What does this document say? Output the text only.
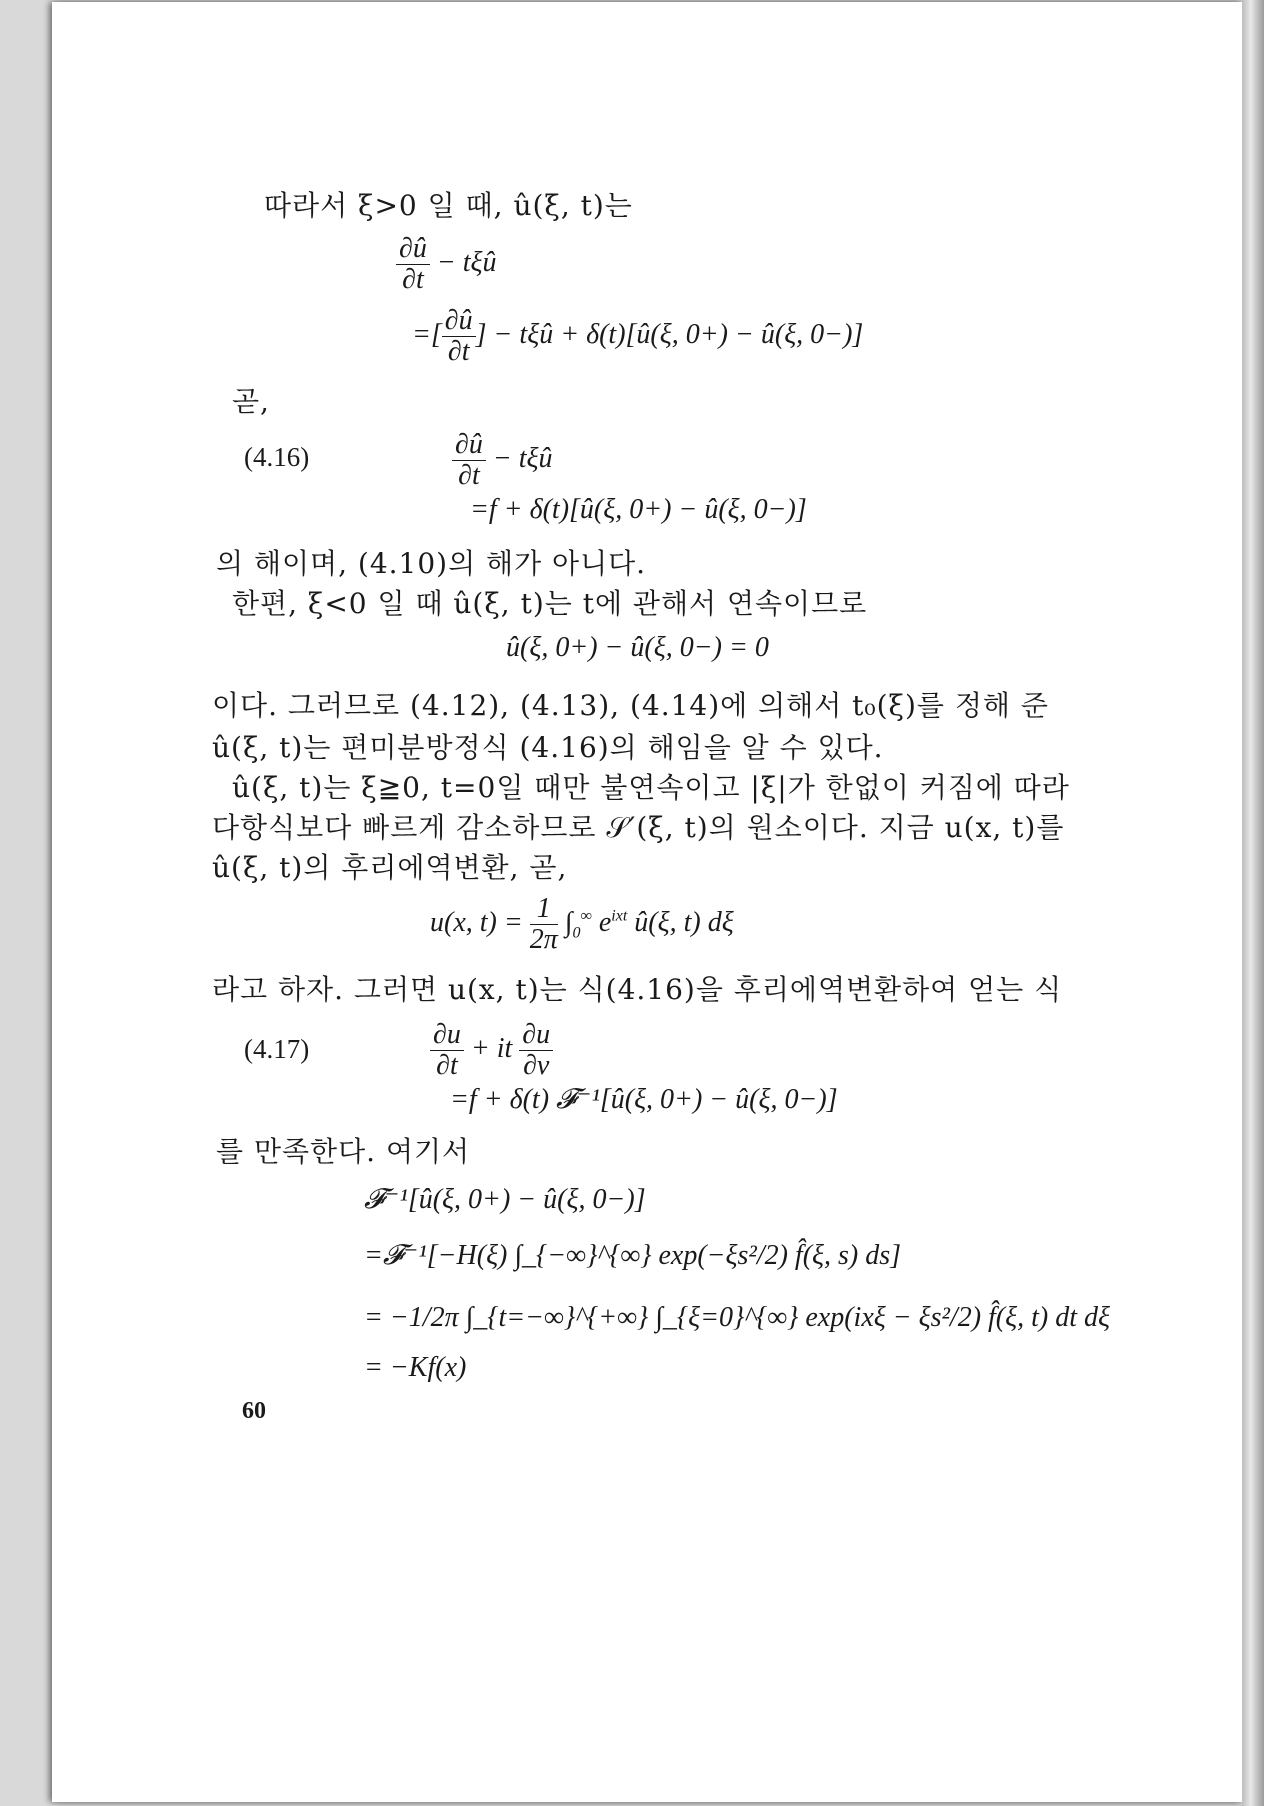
따라서 ξ>0 일 때, û(ξ, t)는
$\frac{\partial û}{\partial t}$ − tξû
=[ $\frac{\partial û}{\partial t}$ ] − tξû + δ(t)[û(ξ, 0+) − û(ξ, 0−)]
곧,
(4.16)	$\frac{\partial û}{\partial t}$ − tξû
=f + δ(t)[û(ξ, 0+) − û(ξ, 0−)]
의 해이며, (4.10)의 해가 아니다.
한편, ξ<0 일 때 û(ξ, t)는 t에 관해서 연속이므로
û(ξ, 0+) − û(ξ, 0−) = 0
이다. 그러므로 (4.12), (4.13), (4.14)에 의해서 t₀(ξ)를 정해 준
û(ξ, t)는 편미분방정식 (4.16)의 해임을 알 수 있다.
û(ξ, t)는 ξ≧0, t=0일 때만 불연속이고 |ξ|가 한없이 커짐에 따라
다항식보다 빠르게 감소하므로 𝒮′(ξ, t)의 원소이다. 지금 u(x, t)를
û(ξ, t)의 후리에역변환, 곧,
u(x, $t) = \frac{1}{2\pi} \int_0^\infty$ $e^{ixt}$ û(ξ, t) dξ
라고 하자. 그러면 u(x, t)는 식(4.16)을 후리에역변환하여 얻는 식
(4.17)	$\frac{\partial u}{\partial t}$ + it $\frac{\partial u}{\partial v}$
=f + δ(t) 𝓕⁻¹[û(ξ, 0+) − û(ξ, 0−)]
를 만족한다. 여기서
𝓕⁻¹[û(ξ, 0+) − û(ξ, 0−)]
=𝓕⁻¹[−H(ξ) ∫_{−∞}^{∞} exp(−ξs²/2) f̂(ξ, s) ds]
= −1/2π ∫_{t=−∞}^{+∞} ∫_{ξ=0}^{∞} exp(ixξ − ξs²/2) f̂(ξ, t) dt dξ
= −Kf(x)
60
